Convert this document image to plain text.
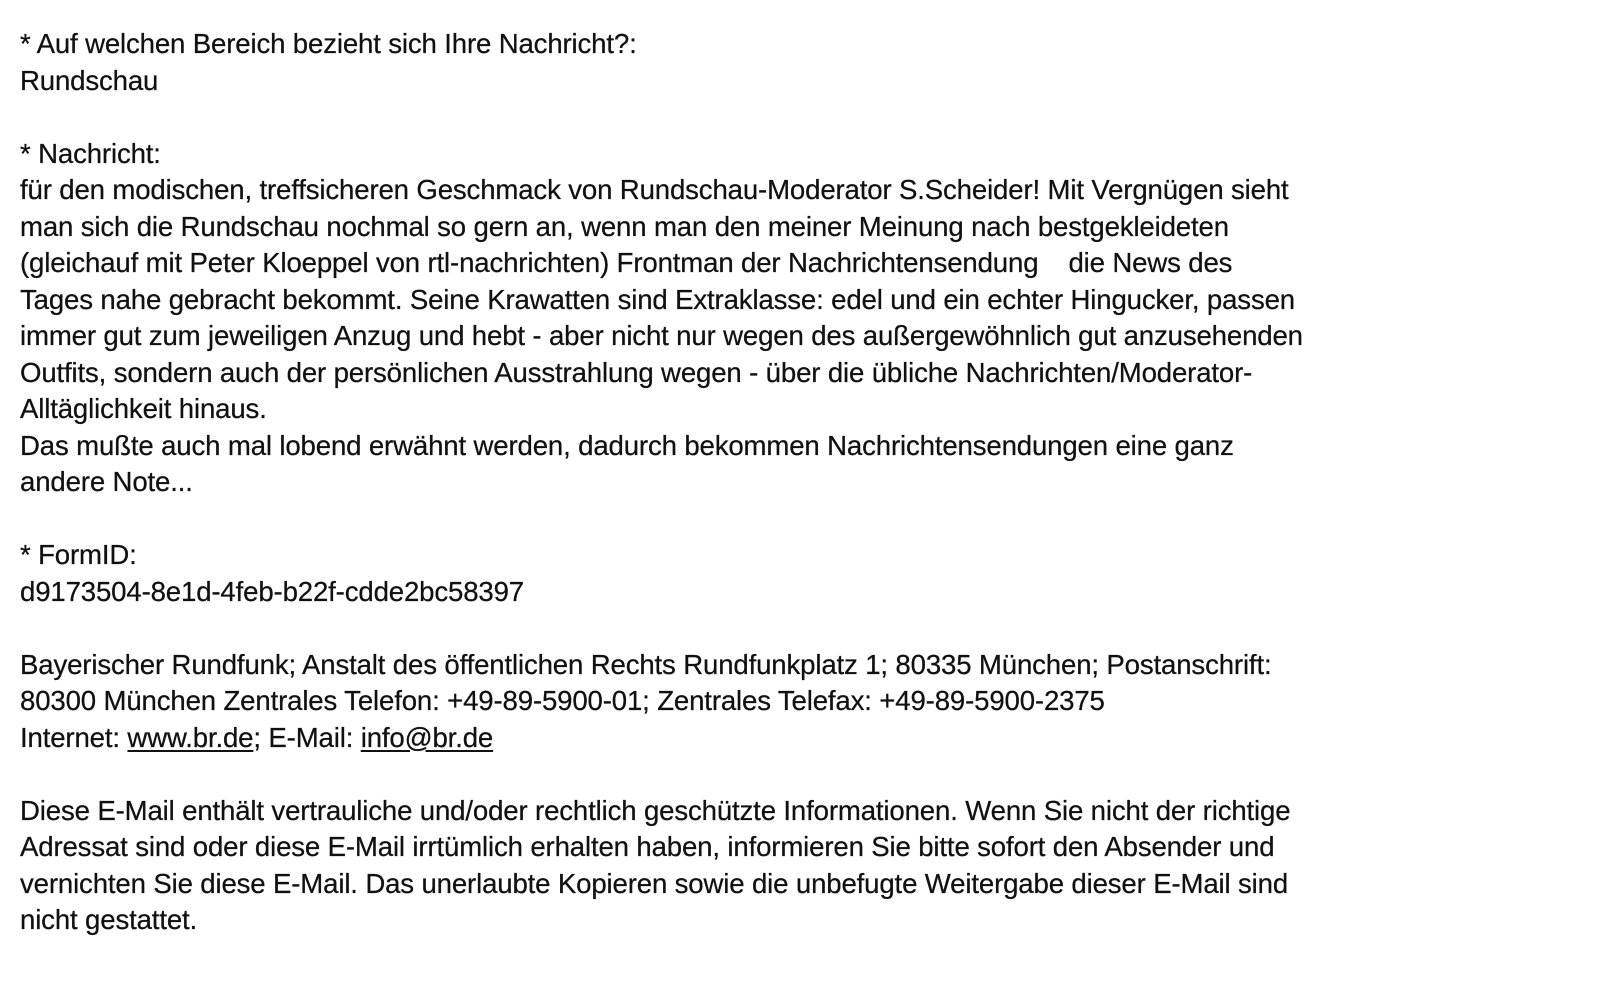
* Auf welchen Bereich bezieht sich Ihre Nachricht?:
Rundschau
* Nachricht:
für den modischen, treffsicheren Geschmack von Rundschau-Moderator S.Scheider! Mit Vergnügen sieht
man sich die Rundschau nochmal so gern an, wenn man den meiner Meinung nach bestgekleideten
(gleichauf mit Peter Kloeppel von rtl-nachrichten) Frontman der Nachrichtensendung    die News des
Tages nahe gebracht bekommt. Seine Krawatten sind Extraklasse: edel und ein echter Hingucker, passen
immer gut zum jeweiligen Anzug und hebt - aber nicht nur wegen des außergewöhnlich gut anzusehenden
Outfits, sondern auch der persönlichen Ausstrahlung wegen - über die übliche Nachrichten/Moderator-
Alltäglichkeit hinaus.
Das mußte auch mal lobend erwähnt werden, dadurch bekommen Nachrichtensendungen eine ganz
andere Note...
* FormID:
d9173504-8e1d-4feb-b22f-cdde2bc58397
Bayerischer Rundfunk; Anstalt des öffentlichen Rechts Rundfunkplatz 1; 80335 München; Postanschrift:
80300 München Zentrales Telefon: +49-89-5900-01; Zentrales Telefax: +49-89-5900-2375
Internet: www.br.de; E-Mail: info@br.de
Diese E-Mail enthält vertrauliche und/oder rechtlich geschützte Informationen. Wenn Sie nicht der richtige
Adressat sind oder diese E-Mail irrtümlich erhalten haben, informieren Sie bitte sofort den Absender und
vernichten Sie diese E-Mail. Das unerlaubte Kopieren sowie die unbefugte Weitergabe dieser E-Mail sind
nicht gestattet.
